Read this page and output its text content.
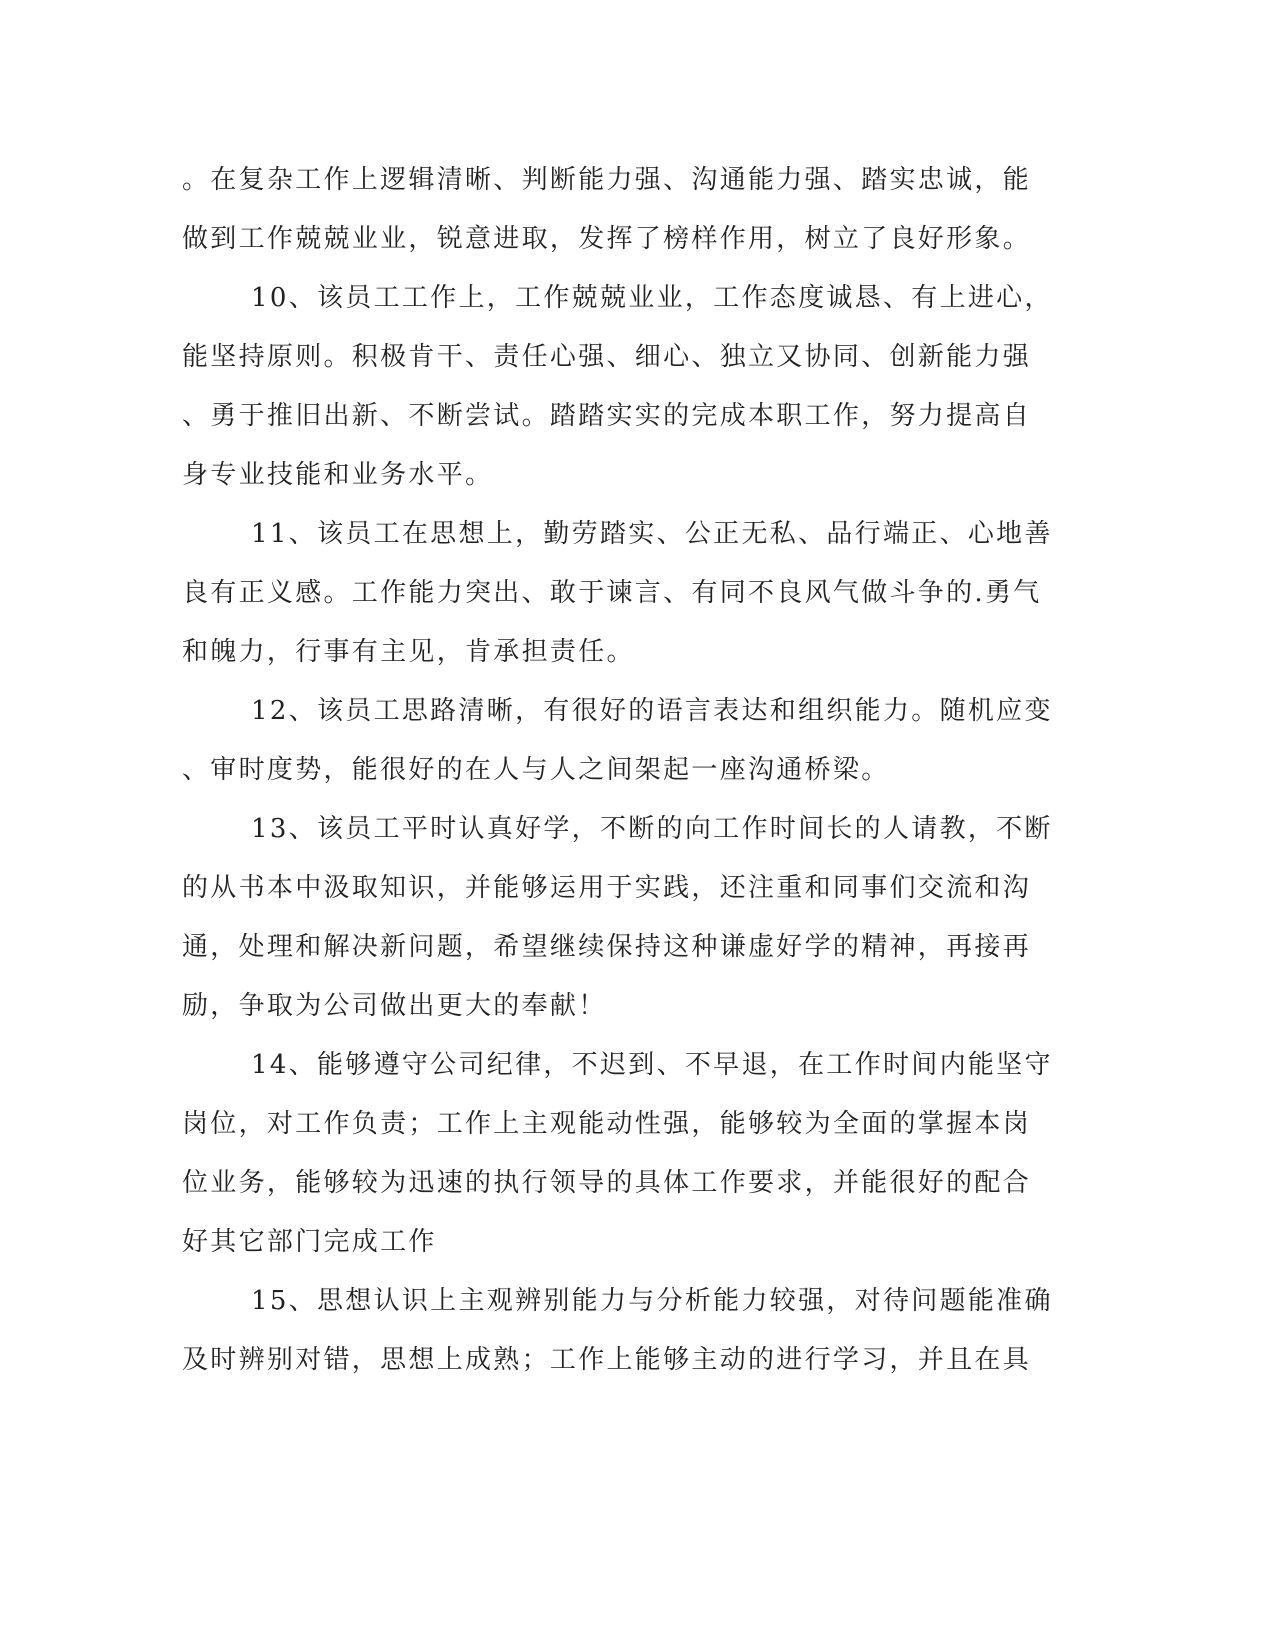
。在复杂工作上逻辑清晰、判断能力强、沟通能力强、踏实忠诚，能
做到工作兢兢业业，锐意进取，发挥了榜样作用，树立了良好形象。
10、该员工工作上，工作兢兢业业，工作态度诚恳、有上进心，
能坚持原则。积极肯干、责任心强、细心、独立又协同、创新能力强
、勇于推旧出新、不断尝试。踏踏实实的完成本职工作，努力提高自
身专业技能和业务水平。
11、该员工在思想上，勤劳踏实、公正无私、品行端正、心地善
良有正义感。工作能力突出、敢于谏言、有同不良风气做斗争的.勇气
和魄力，行事有主见，肯承担责任。
12、该员工思路清晰，有很好的语言表达和组织能力。随机应变
、审时度势，能很好的在人与人之间架起一座沟通桥梁。
13、该员工平时认真好学，不断的向工作时间长的人请教，不断
的从书本中汲取知识，并能够运用于实践，还注重和同事们交流和沟
通，处理和解决新问题，希望继续保持这种谦虚好学的精神，再接再
励，争取为公司做出更大的奉献！
14、能够遵守公司纪律，不迟到、不早退，在工作时间内能坚守
岗位，对工作负责；工作上主观能动性强，能够较为全面的掌握本岗
位业务，能够较为迅速的执行领导的具体工作要求，并能很好的配合
好其它部门完成工作
15、思想认识上主观辨别能力与分析能力较强，对待问题能准确
及时辨别对错，思想上成熟；工作上能够主动的进行学习，并且在具
